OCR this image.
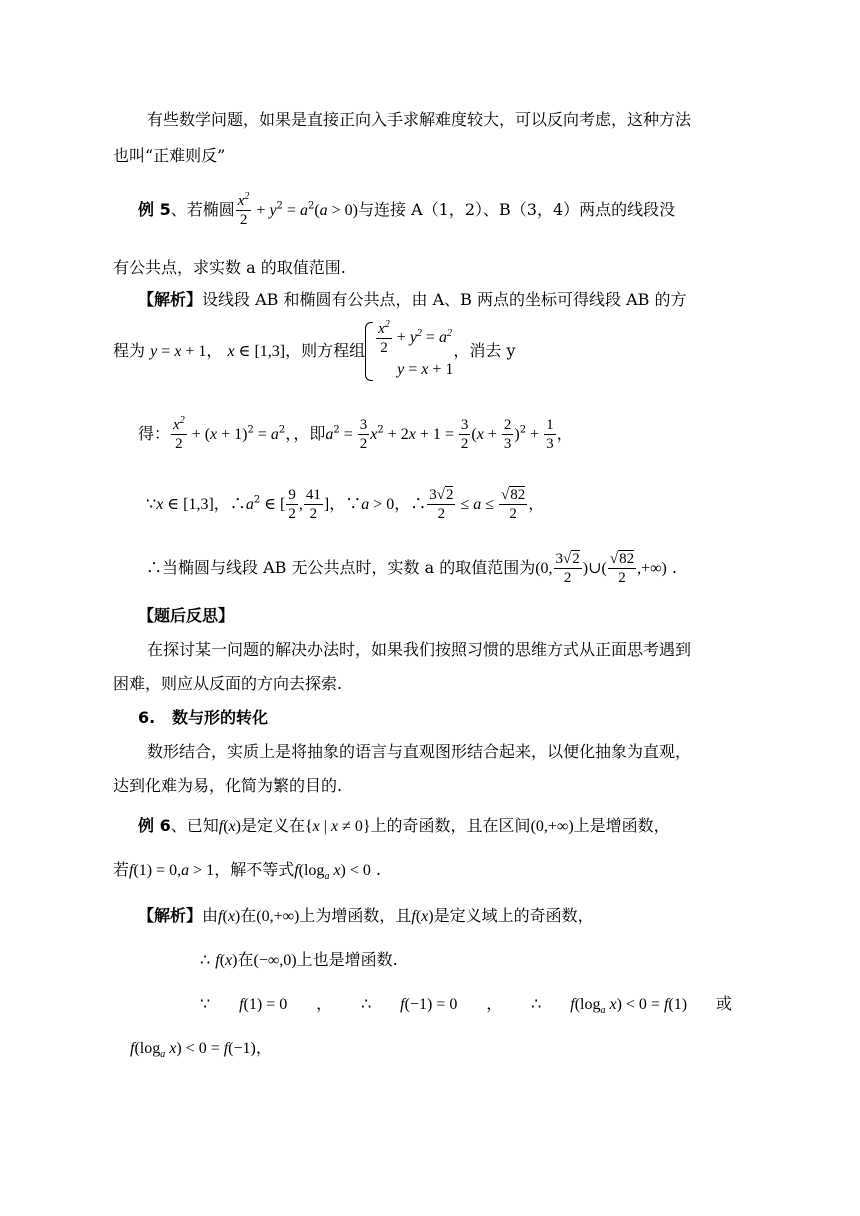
有些数学问题，如果是直接正向入手求解难度较大，可以反向考虑，这种方法
也叫“正难则反”
例 5、若椭圆 $\frac{x^2}{2} + y^2 = a^2(a > 0)$与连接 A（1，2）、B（3，4）两点的线段没
有公共点，求实数 a 的取值范围.
【解析】设线段 AB 和椭圆有公共点，由 A、B 两点的坐标可得线段 AB 的方
程为 y = x + 1， x ∈ [1,3]，则方程组 $\frac{x^2}{2} + y^2 = a^2$
y = x + 1
，消去 y
得： $\frac{x^2}{2} + (x + 1)^2 = a^2$，，即$a^2 = \frac{3}{2} x^2 + 2x + 1 = \frac{3}{2} (x + \frac{2}{3} )^2 + \frac{1}{3}$ ，
∵x ∈ [1,3]，$\therefore a^2$ ∈ [ $\frac{9}{2}$ , $\frac{41}{2}$ ]，∵a > 0，∴ $\frac{3√2}{2} \le a \le \frac{√82}{2}$ ，
∴当椭圆与线段 AB 无公共点时，实数 a 的取值范围为(0, $\frac{3√2}{2}$ )∪( $\frac{√82}{2}$ ,+∞) .
【题后反思】
在探讨某一问题的解决办法时，如果我们按照习惯的思维方式从正面思考遇到
困难，则应从反面的方向去探索.
6. 数与形的转化
数形结合，实质上是将抽象的语言与直观图形结合起来，以便化抽象为直观，
达到化难为易，化简为繁的目的.
例 6、已知f(x)是定义在{x | x ≠ 0}上的奇函数，且在区间(0,+∞)上是增函数，
若f(1) = 0,a > 1，解不等式$f(\log_a$ x) < 0 .
【解析】由f(x)在(0,+∞)上为增函数，且f(x)是定义域上的奇函数，
∴ f(x)在(−∞,0)上也是增函数.
∵ f(1) = 0 ， ∴ f(−1) = 0 ， ∴ $f(\log_a$ x) < 0 = f(1) 或
$f(\log_a$ x) < 0 = f(−1)，
